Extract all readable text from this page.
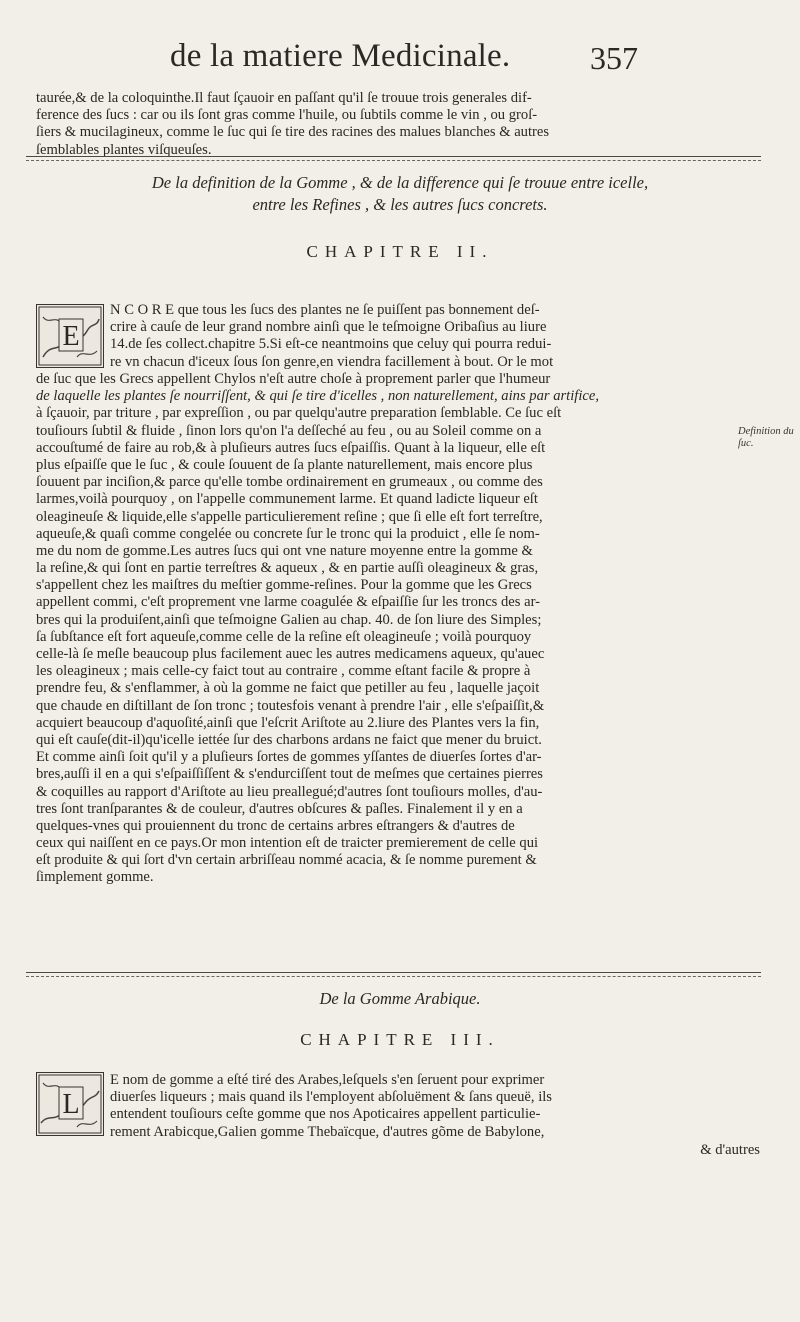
de la matiere Medicinale. 357
taurée,& de la coloquinthe.Il faut ſçauoir en paſſant qu'il ſe trouue trois generales dif-
ference des ſucs : car ou ils ſont gras comme l'huile, ou ſubtils comme le vin , ou groſ-
ſiers & mucilagineux, comme le ſuc qui ſe tire des racines des malues blanches & autres
ſemblables plantes viſqueuſes.
De la definition de la Gomme , & de la difference qui ſe trouue entre icelle,
entre les Refines , & les autres ſucs concrets.
CHAPITRE II.
E
N C O R E que tous les ſucs des plantes ne ſe puiſſent pas bonnement deſ-
crire à cauſe de leur grand nombre ainſi que le teſmoigne Oribaſius au liure
14.de ſes collect.chapitre 5.Si eſt-ce neantmoins que celuy qui pourra redui-
re vn chacun d'iceux ſous ſon genre,en viendra facillement à bout. Or le mot
de ſuc que les Grecs appellent Chylos n'eſt autre choſe à proprement parler que l'humeur
de laquelle les plantes ſe nourriſſent, & qui ſe tire d'icelles , non naturellement, ains par artifice,
à ſçauoir, par triture , par expreſſion , ou par quelqu'autre preparation ſemblable. Ce ſuc eſt
touſiours ſubtil & fluide , ſinon lors qu'on l'a deſſeché au feu , ou au Soleil comme on a
accouſtumé de faire au rob,& à pluſieurs autres ſucs eſpaiſſis. Quant à la liqueur, elle eſt
plus eſpaiſſe que le ſuc , & coule ſouuent de ſa plante naturellement, mais encore plus
ſouuent par inciſion,& parce qu'elle tombe ordinairement en grumeaux , ou comme des
larmes,voilà pourquoy , on l'appelle communement larme. Et quand ladicte liqueur eſt
oleagineuſe & liquide,elle s'appelle particulierement reſine ; que ſi elle eſt fort terreſtre,
aqueuſe,& quaſi comme congelée ou concrete ſur le tronc qui la produict , elle ſe nom-
me du nom de gomme.Les autres ſucs qui ont vne nature moyenne entre la gomme &
la reſine,& qui ſont en partie terreſtres & aqueux , & en partie auſſi oleagineux & gras,
s'appellent chez les maiſtres du meſtier gomme-reſines. Pour la gomme que les Grecs
appellent commi, c'eſt proprement vne larme coagulée & eſpaiſſie ſur les troncs des ar-
bres qui la produiſent,ainſi que teſmoigne Galien au chap. 40. de ſon liure des Simples;
ſa ſubſtance eſt fort aqueuſe,comme celle de la reſine eſt oleagineuſe ; voilà pourquoy
celle-là ſe meſle beaucoup plus facilement auec les autres medicamens aqueux, qu'auec
les oleagineux ; mais celle-cy faict tout au contraire , comme eſtant facile & propre à
prendre feu, & s'enflammer, à où la gomme ne faict que petiller au feu , laquelle jaçoit
que chaude en diſtillant de ſon tronc ; toutesfois venant à prendre l'air , elle s'eſpaiſſit,&
acquiert beaucoup d'aquoſité,ainſi que l'eſcrit Ariſtote au 2.liure des Plantes vers la fin,
qui eſt cauſe(dit-il)qu'icelle iettée ſur des charbons ardans ne faict que mener du bruict.
Et comme ainſi ſoit qu'il y a pluſieurs ſortes de gommes yſſantes de diuerſes ſortes d'ar-
bres,auſſi il en a qui s'eſpaiſſiſſent & s'endurciſſent tout de meſmes que certaines pierres
& coquilles au rapport d'Ariſtote au lieu preallegué;d'autres ſont touſiours molles, d'au-
tres ſont tranſparantes & de couleur, d'autres obſcures & paſles. Finalement il y en a
quelques-vnes qui prouiennent du tronc de certains arbres eſtrangers & d'autres de
ceux qui naiſſent en ce pays.Or mon intention eſt de traicter premierement de celle qui
eſt produite & qui ſort d'vn certain arbriſſeau nommé acacia, & ſe nomme purement &
ſimplement gomme.
Definition du
ſuc.
De la Gomme Arabique.
CHAPITRE III.
L
E nom de gomme a eſté tiré des Arabes,leſquels s'en ſeruent pour exprimer
diuerſes liqueurs ; mais quand ils l'employent abſoluëment & ſans queuë, ils
entendent touſiours ceſte gomme que nos Apoticaires appellent particulie-
rement Arabicque,Galien gomme Thebaïcque, d'autres gõme de Babylone,
& d'autres
